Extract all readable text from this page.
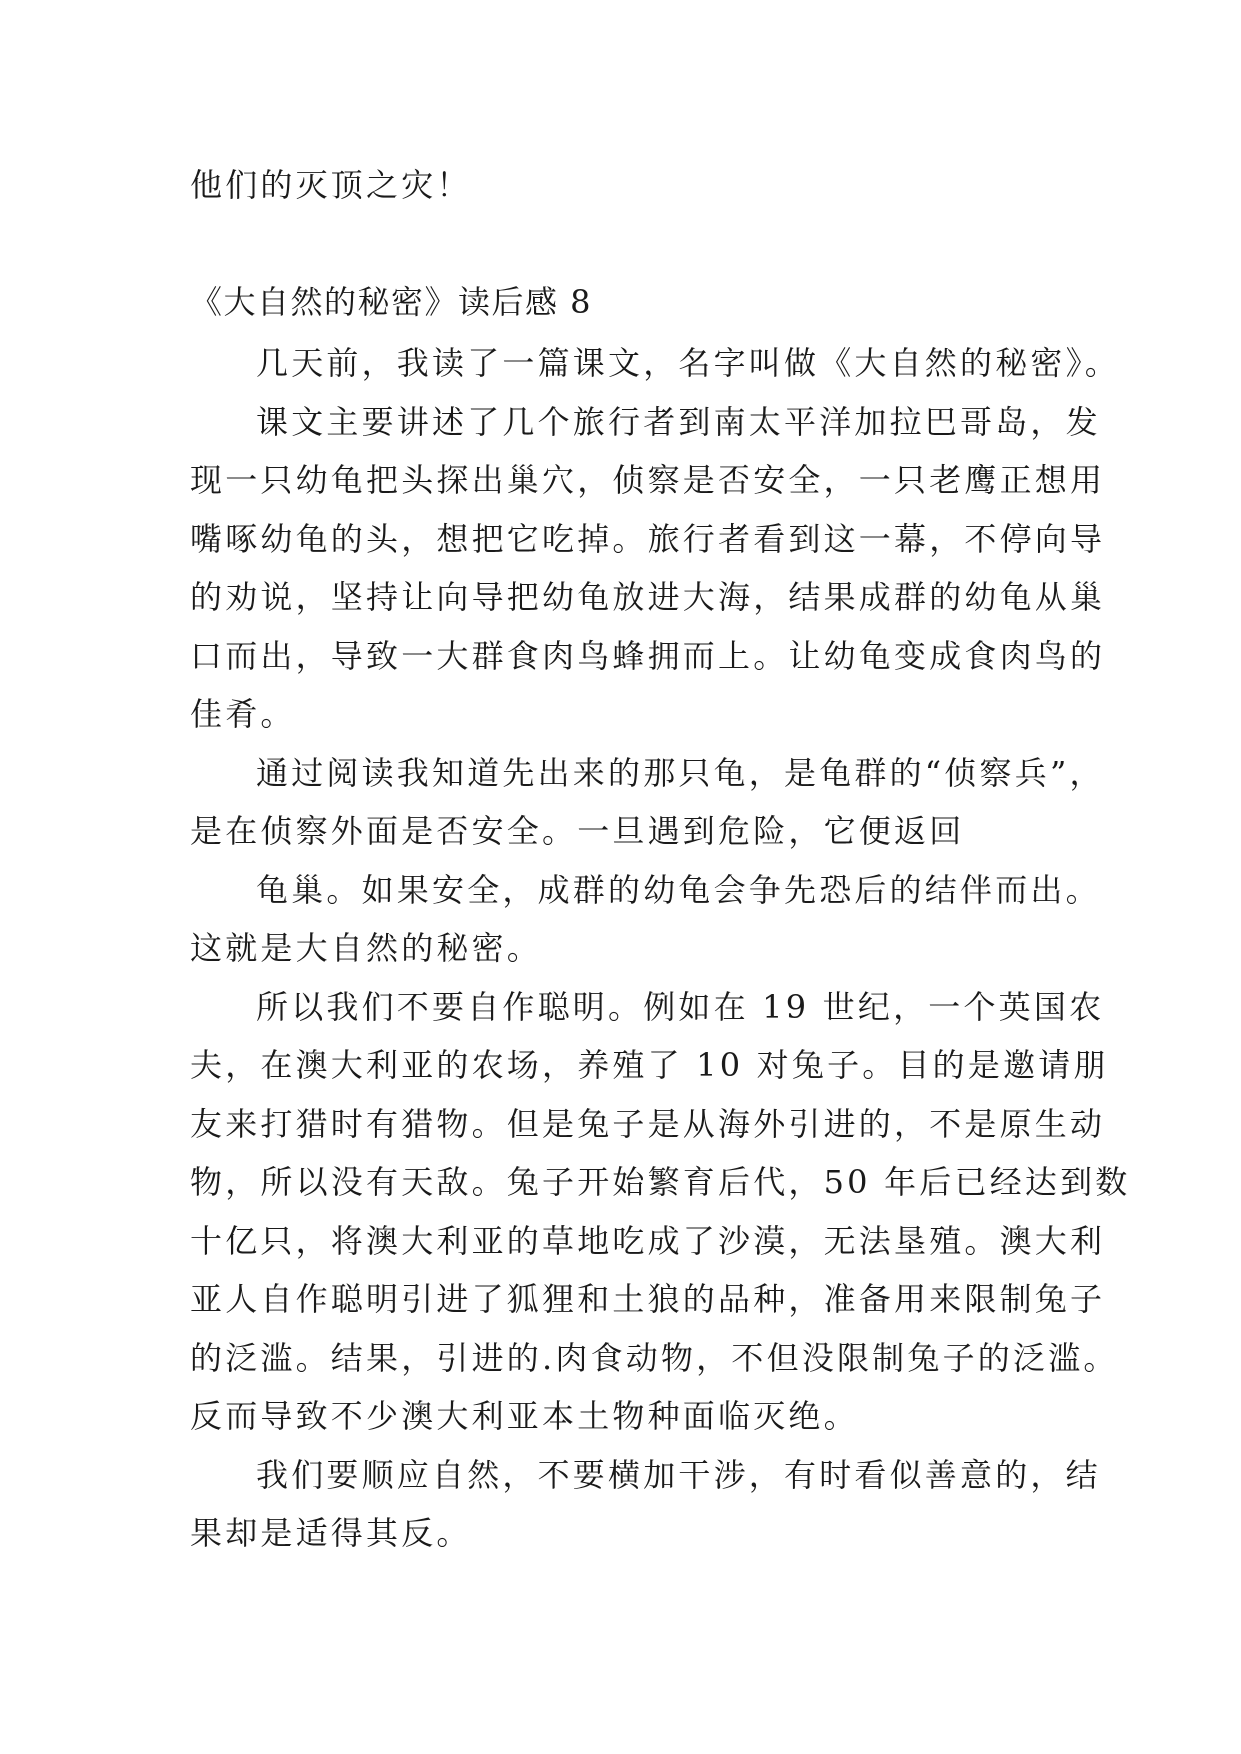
他们的灭顶之灾！

《大自然的秘密》读后感 8

几天前，我读了一篇课文，名字叫做《大自然的秘密》。

课文主要讲述了几个旅行者到南太平洋加拉巴哥岛，发

现一只幼龟把头探出巢穴，侦察是否安全，一只老鹰正想用

嘴啄幼龟的头，想把它吃掉。旅行者看到这一幕，不停向导

的劝说，坚持让向导把幼龟放进大海，结果成群的幼龟从巢

口而出，导致一大群食肉鸟蜂拥而上。让幼龟变成食肉鸟的

佳肴。

通过阅读我知道先出来的那只龟，是龟群的“侦察兵”，

是在侦察外面是否安全。一旦遇到危险，它便返回

龟巢。如果安全，成群的幼龟会争先恐后的结伴而出。

这就是大自然的秘密。

所以我们不要自作聪明。例如在 19 世纪，一个英国农

夫，在澳大利亚的农场，养殖了 10 对兔子。目的是邀请朋

友来打猎时有猎物。但是兔子是从海外引进的，不是原生动

物，所以没有天敌。兔子开始繁育后代，50 年后已经达到数

十亿只，将澳大利亚的草地吃成了沙漠，无法垦殖。澳大利

亚人自作聪明引进了狐狸和土狼的品种，准备用来限制兔子

的泛滥。结果，引进的.肉食动物，不但没限制兔子的泛滥。

反而导致不少澳大利亚本土物种面临灭绝。

我们要顺应自然，不要横加干涉，有时看似善意的，结

果却是适得其反。
